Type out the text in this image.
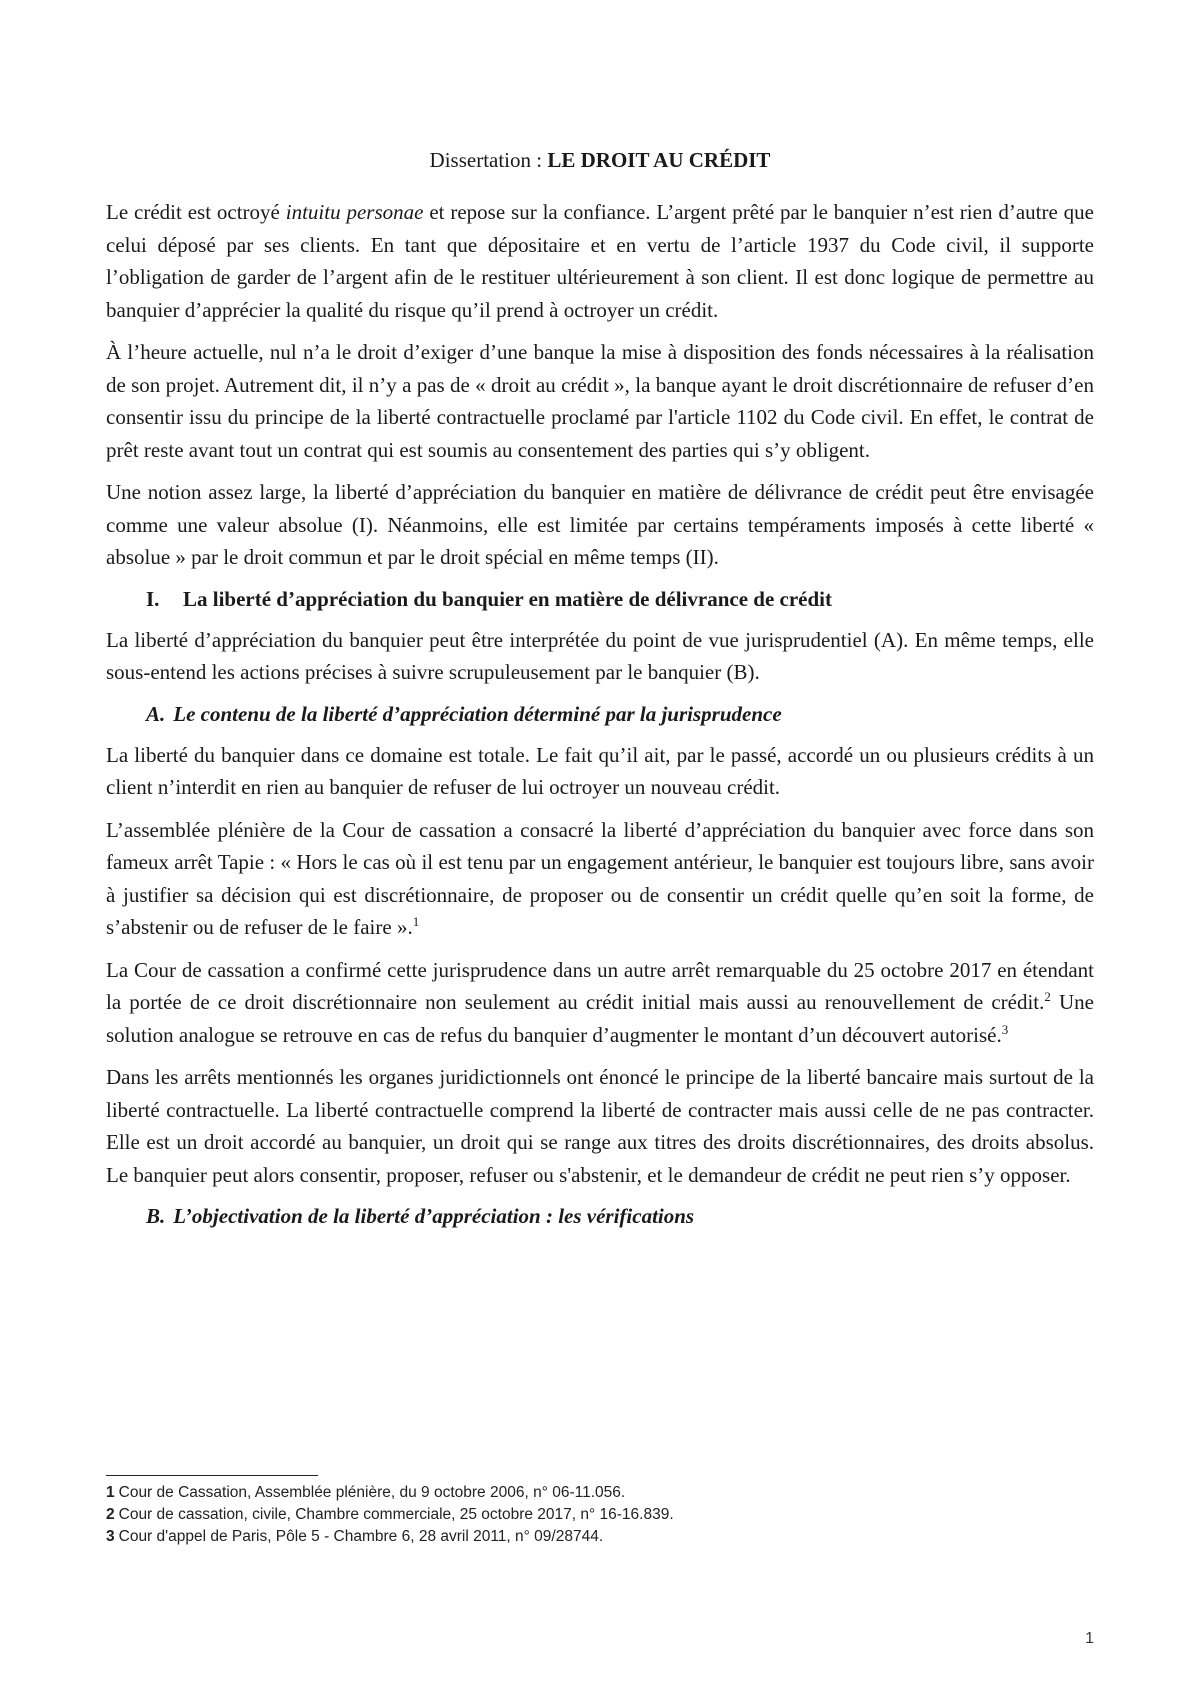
Dissertation : LE DROIT AU CRÉDIT

Le crédit est octroyé intuitu personae et repose sur la confiance. L’argent prêté par le banquier n’est rien d’autre que celui déposé par ses clients. En tant que dépositaire et en vertu de l’article 1937 du Code civil, il supporte l’obligation de garder de l’argent afin de le restituer ultérieurement à son client. Il est donc logique de permettre au banquier d’apprécier la qualité du risque qu’il prend à octroyer un crédit.

À l’heure actuelle, nul n’a le droit d’exiger d’une banque la mise à disposition des fonds nécessaires à la réalisation de son projet. Autrement dit, il n’y a pas de « droit au crédit », la banque ayant le droit discrétionnaire de refuser d’en consentir issu du principe de la liberté contractuelle proclamé par l'article 1102 du Code civil. En effet, le contrat de prêt reste avant tout un contrat qui est soumis au consentement des parties qui s’y obligent.

Une notion assez large, la liberté d’appréciation du banquier en matière de délivrance de crédit peut être envisagée comme une valeur absolue (I). Néanmoins, elle est limitée par certains tempéraments imposés à cette liberté « absolue » par le droit commun et par le droit spécial en même temps (II).

I.	La liberté d’appréciation du banquier en matière de délivrance de crédit

La liberté d’appréciation du banquier peut être interprétée du point de vue jurisprudentiel (A). En même temps, elle sous-entend les actions précises à suivre scrupuleusement par le banquier (B).

A. Le contenu de la liberté d’appréciation déterminé par la jurisprudence

La liberté du banquier dans ce domaine est totale. Le fait qu’il ait, par le passé, accordé un ou plusieurs crédits à un client n’interdit en rien au banquier de refuser de lui octroyer un nouveau crédit.

L’assemblée plénière de la Cour de cassation a consacré la liberté d’appréciation du banquier avec force dans son fameux arrêt Tapie : « Hors le cas où il est tenu par un engagement antérieur, le banquier est toujours libre, sans avoir à justifier sa décision qui est discrétionnaire, de proposer ou de consentir un crédit quelle qu’en soit la forme, de s’abstenir ou de refuser de le faire ».$^1$

La Cour de cassation a confirmé cette jurisprudence dans un autre arrêt remarquable du 25 octobre 2017 en étendant la portée de ce droit discrétionnaire non seulement au crédit initial mais aussi au renouvellement de crédit.$^2$ Une solution analogue se retrouve en cas de refus du banquier d’augmenter le montant d’un découvert autorisé.$^3$

Dans les arrêts mentionnés les organes juridictionnels ont énoncé le principe de la liberté bancaire mais surtout de la liberté contractuelle. La liberté contractuelle comprend la liberté de contracter mais aussi celle de ne pas contracter. Elle est un droit accordé au banquier, un droit qui se range aux titres des droits discrétionnaires, des droits absolus. Le banquier peut alors consentir, proposer, refuser ou s'abstenir, et le demandeur de crédit ne peut rien s’y opposer.

B. L’objectivation de la liberté d’appréciation : les vérifications
1 Cour de Cassation, Assemblée plénière, du 9 octobre 2006, n° 06-11.056.
2 Cour de cassation, civile, Chambre commerciale, 25 octobre 2017, n° 16-16.839.
3 Cour d'appel de Paris, Pôle 5 - Chambre 6, 28 avril 2011, n° 09/28744.
1
